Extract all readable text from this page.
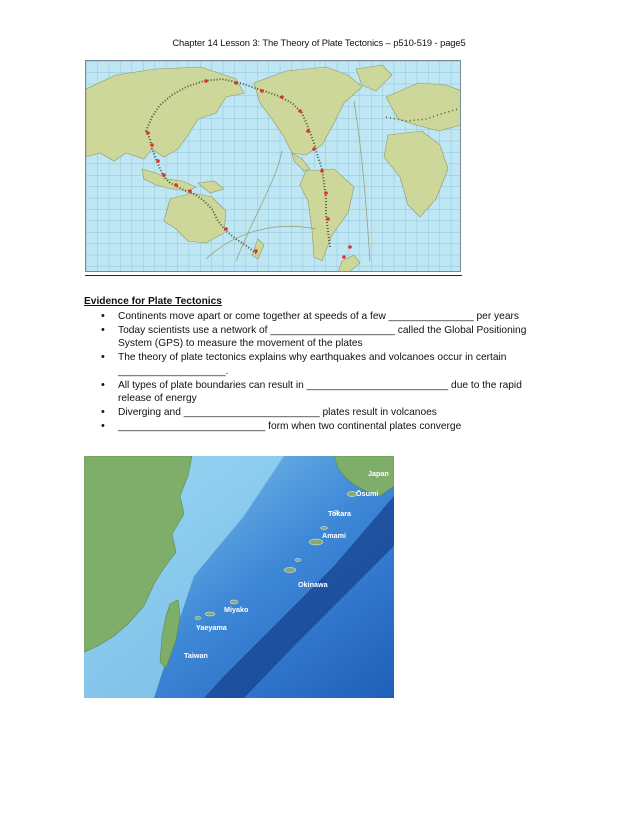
Chapter 14 Lesson 3: The Theory of Plate Tectonics – p510-519 - page5
Evidence for Plate Tectonics
• Continents move apart or come together at speeds of a few _______________ per years
• Today scientists use a network of ______________________ called the Global Positioning System (GPS) to measure the movement of the plates
• The theory of plate tectonics explains why earthquakes and volcanoes occur in certain ___________________.
• All types of plate boundaries can result in _________________________ due to the rapid release of energy
• Diverging and ________________________ plates result in volcanoes
• __________________________ form when two continental plates converge
Japan
Ōsumi
Tokara
Amami
Okinawa
Miyako
Yaeyama
Taiwan
